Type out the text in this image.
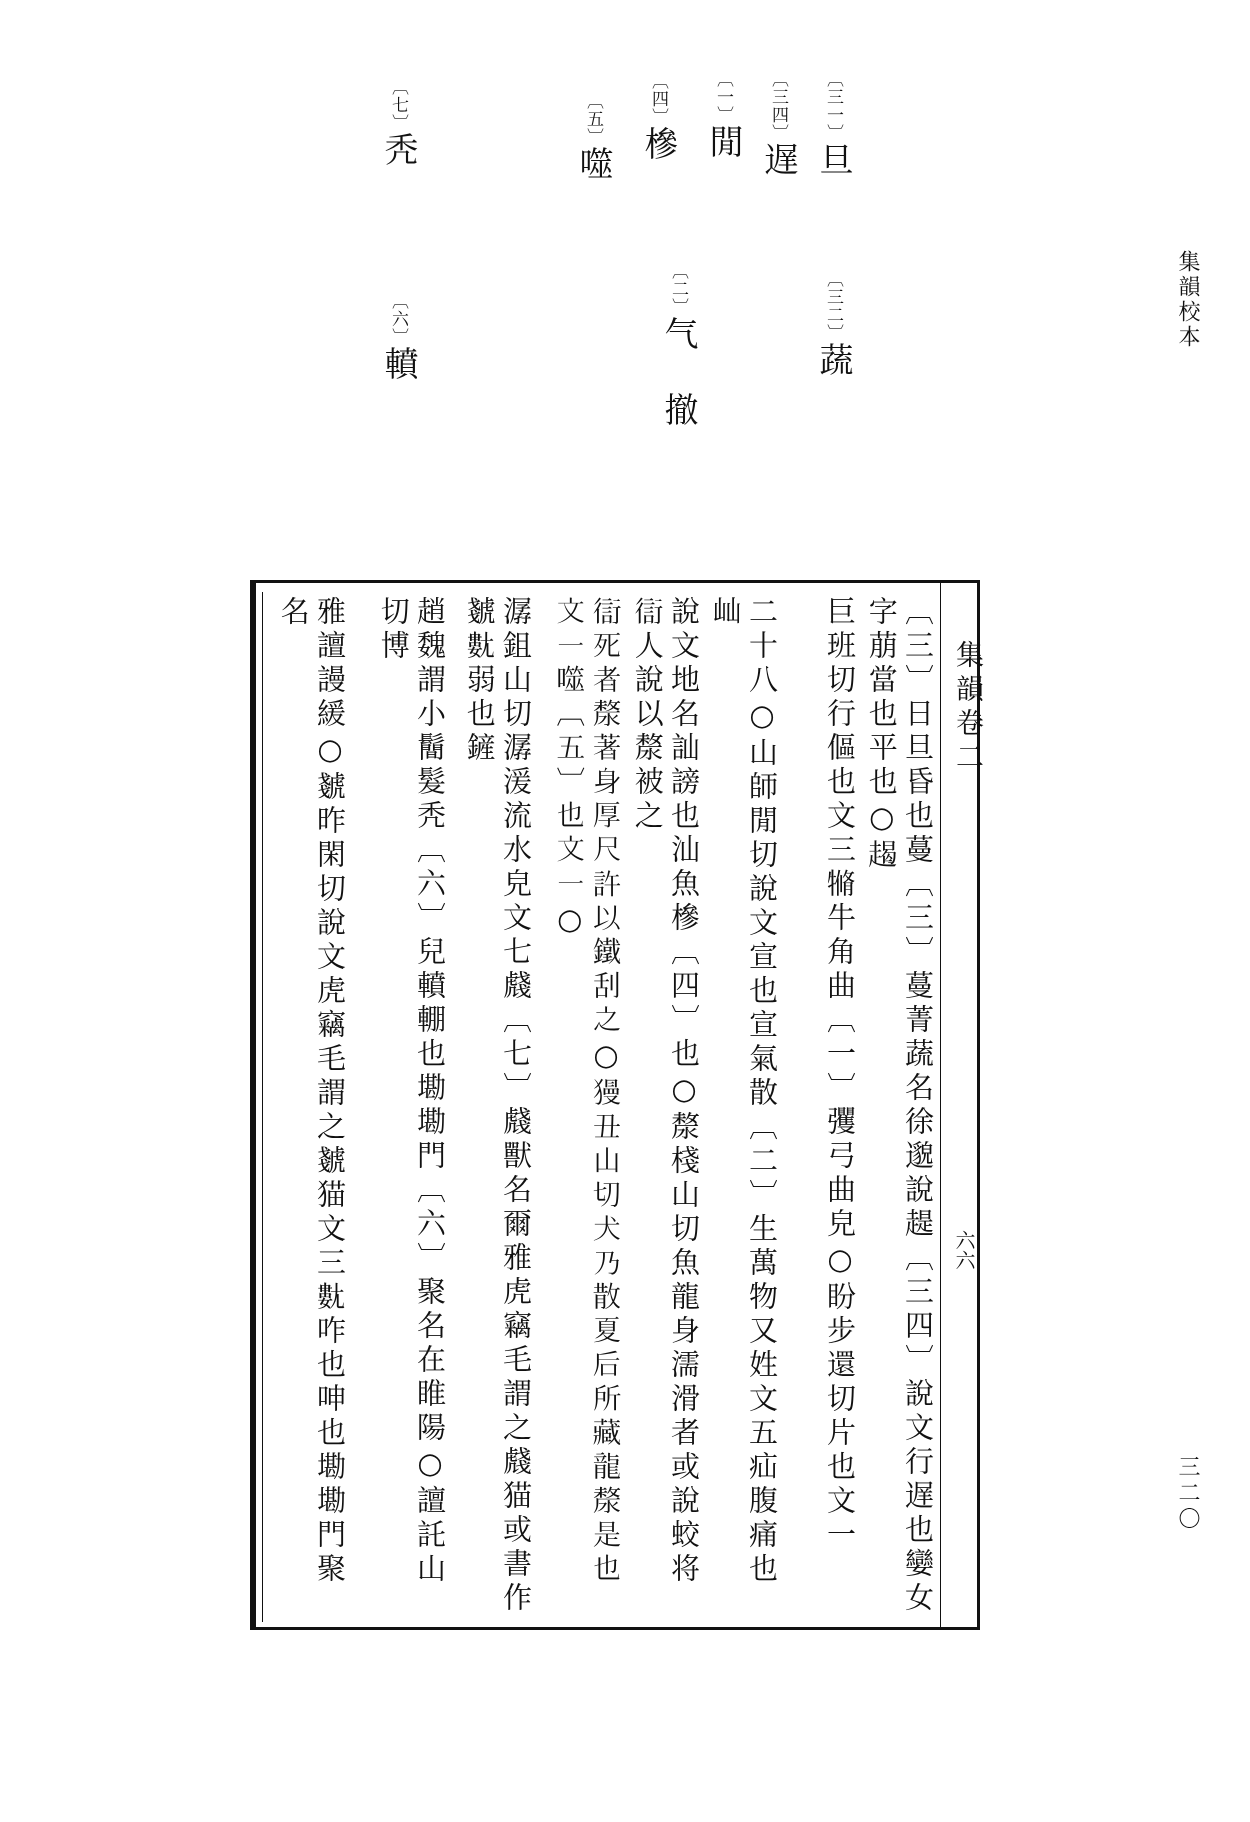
集韻校本
三二〇
〔三一〕旦
〔三二〕蔬
〔三四〕遅
〔一〕閒
〔二〕气　撤
〔四〕槮
〔五〕噬
〔七〕秃
〔六〕轒
集韻卷二
六六
〔三〕日旦昏也蔓〔三〕蔓菁蔬名徐邈說趧〔三四〕說文行遅也孌女字萠當也平也○𧼨
巨班切行傴也文三𤛛牛角曲〔一〕彏弓曲皃○盼步還切片也文一
二十八○山師閒切說文宣也宣氣散〔二〕生萬物又姓文五疝腹痛也屾
說文地名訕謗也汕魚槮〔四〕也○漦棧山切魚龍身濡滑者或說蛟将𧗳人說以漦被之
𧗳死者漦著身厚尺許以鐵刮之○獌丑山切犬乃散夏后所藏龍漦是也文一噬〔五〕也文一○
潺鉏山切潺湲流水皃文七虥〔七〕虥獸名爾雅虎竊毛謂之虥猫或書作虦𡰍弱也鏟
趙魏謂小鬝髮秃〔六〕兒轒輣也墈墈門〔六〕聚名在睢陽○譠託山切博
雅譠謾緩○虦昨閑切說文虎竊毛謂之虦猫文三𡰍咋也呻也墈墈門聚名
